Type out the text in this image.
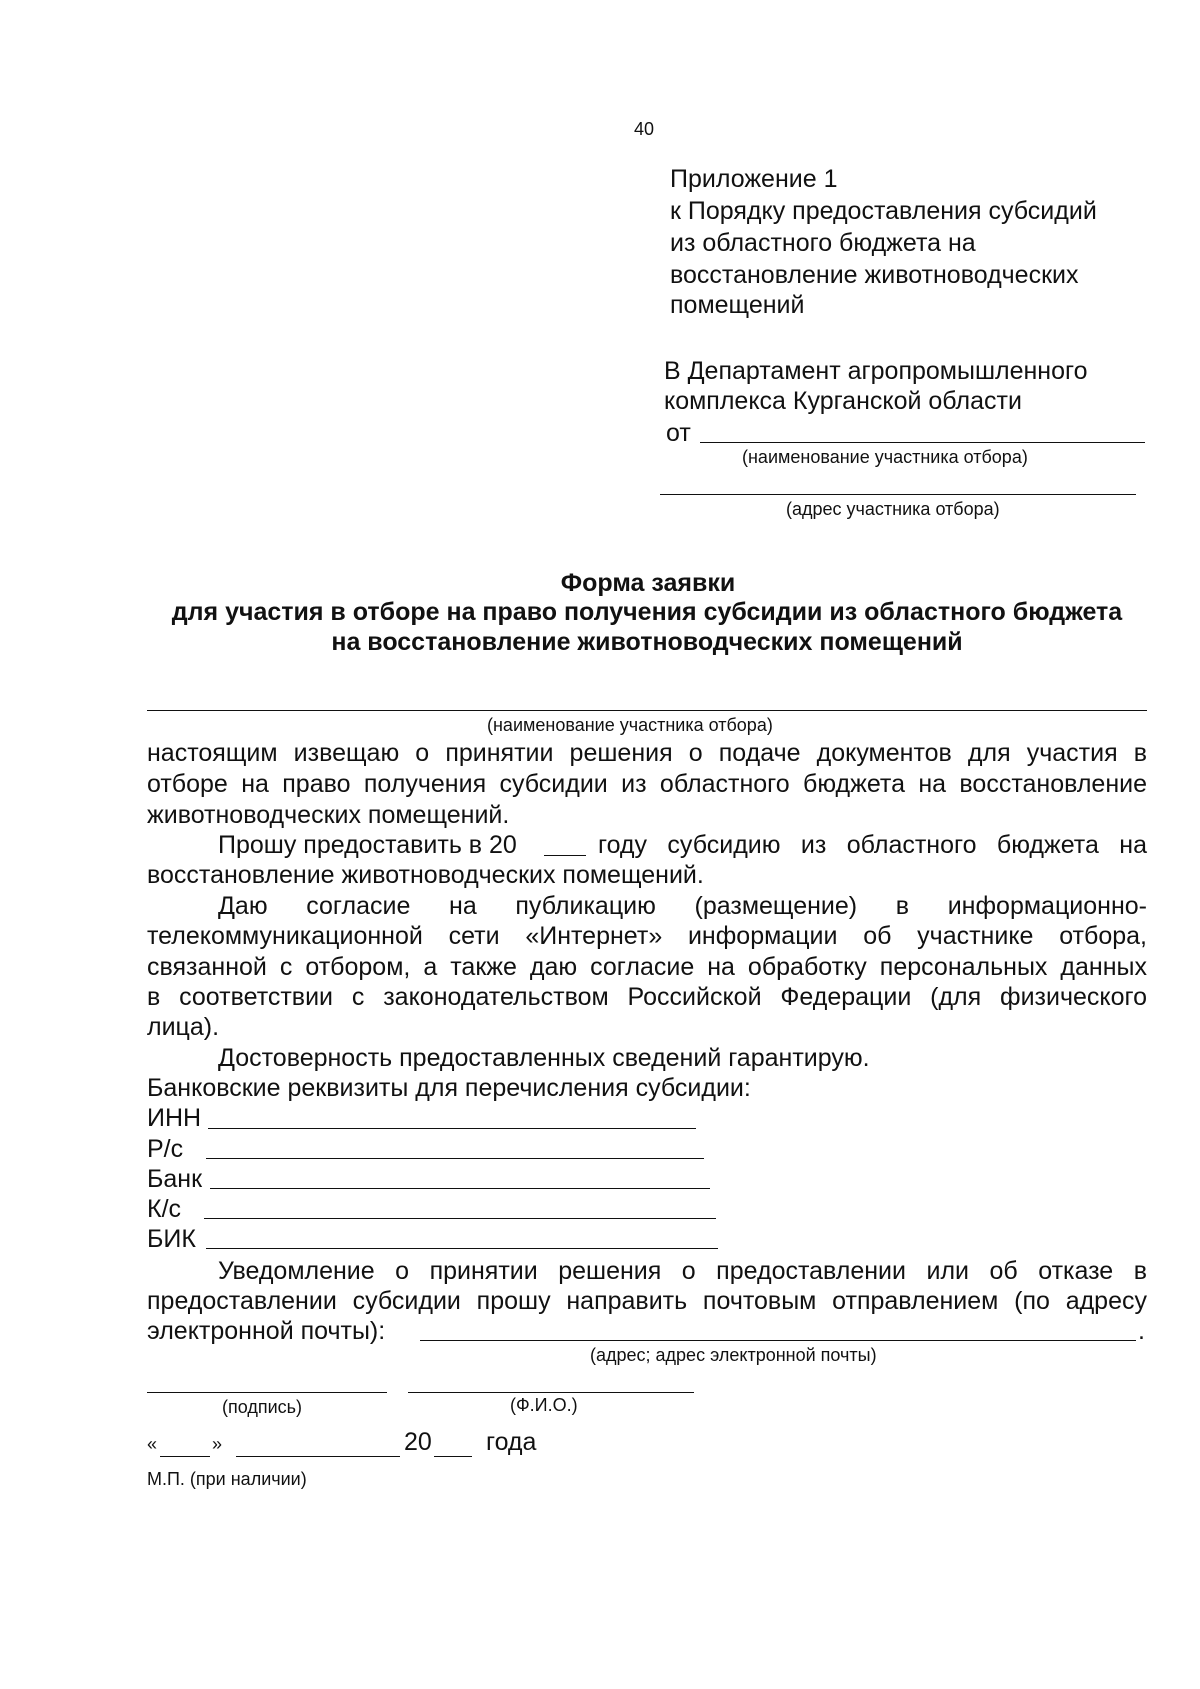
40
Приложение 1
к Порядку предоставления субсидий
из областного бюджета на
восстановление животноводческих
помещений
В Департамент агропромышленного
комплекса Курганской области
от
(наименование участника отбора)
(адрес участника отбора)
Форма заявки
для участия в отборе на право получения субсидии из областного бюджета
на восстановление животноводческих помещений
(наименование участника отбора)
настоящим извещаю о принятии решения о подаче документов для участия в
отборе на право получения субсидии из областного бюджета на восстановление
животноводческих помещений.
Прошу предоставить в 20	году субсидию из областного бюджета на
восстановление животноводческих помещений.
Даю согласие на публикацию (размещение) в информационно-
телекоммуникационной сети «Интернет» информации об участнике отбора,
связанной с отбором, а также даю согласие на обработку персональных данных
в соответствии с законодательством Российской Федерации (для физического
лица).
Достоверность предоставленных сведений гарантирую.
Банковские реквизиты для перечисления субсидии:
ИНН
Р/с
Банк
К/с
БИК
Уведомление о принятии решения о предоставлении или об отказе в
предоставлении субсидии прошу направить почтовым отправлением (по адресу
электронной почты):	.
(адрес; адрес электронной почты)
(подпись)	(Ф.И.О.)
«	»	20 года
М.П. (при наличии)
